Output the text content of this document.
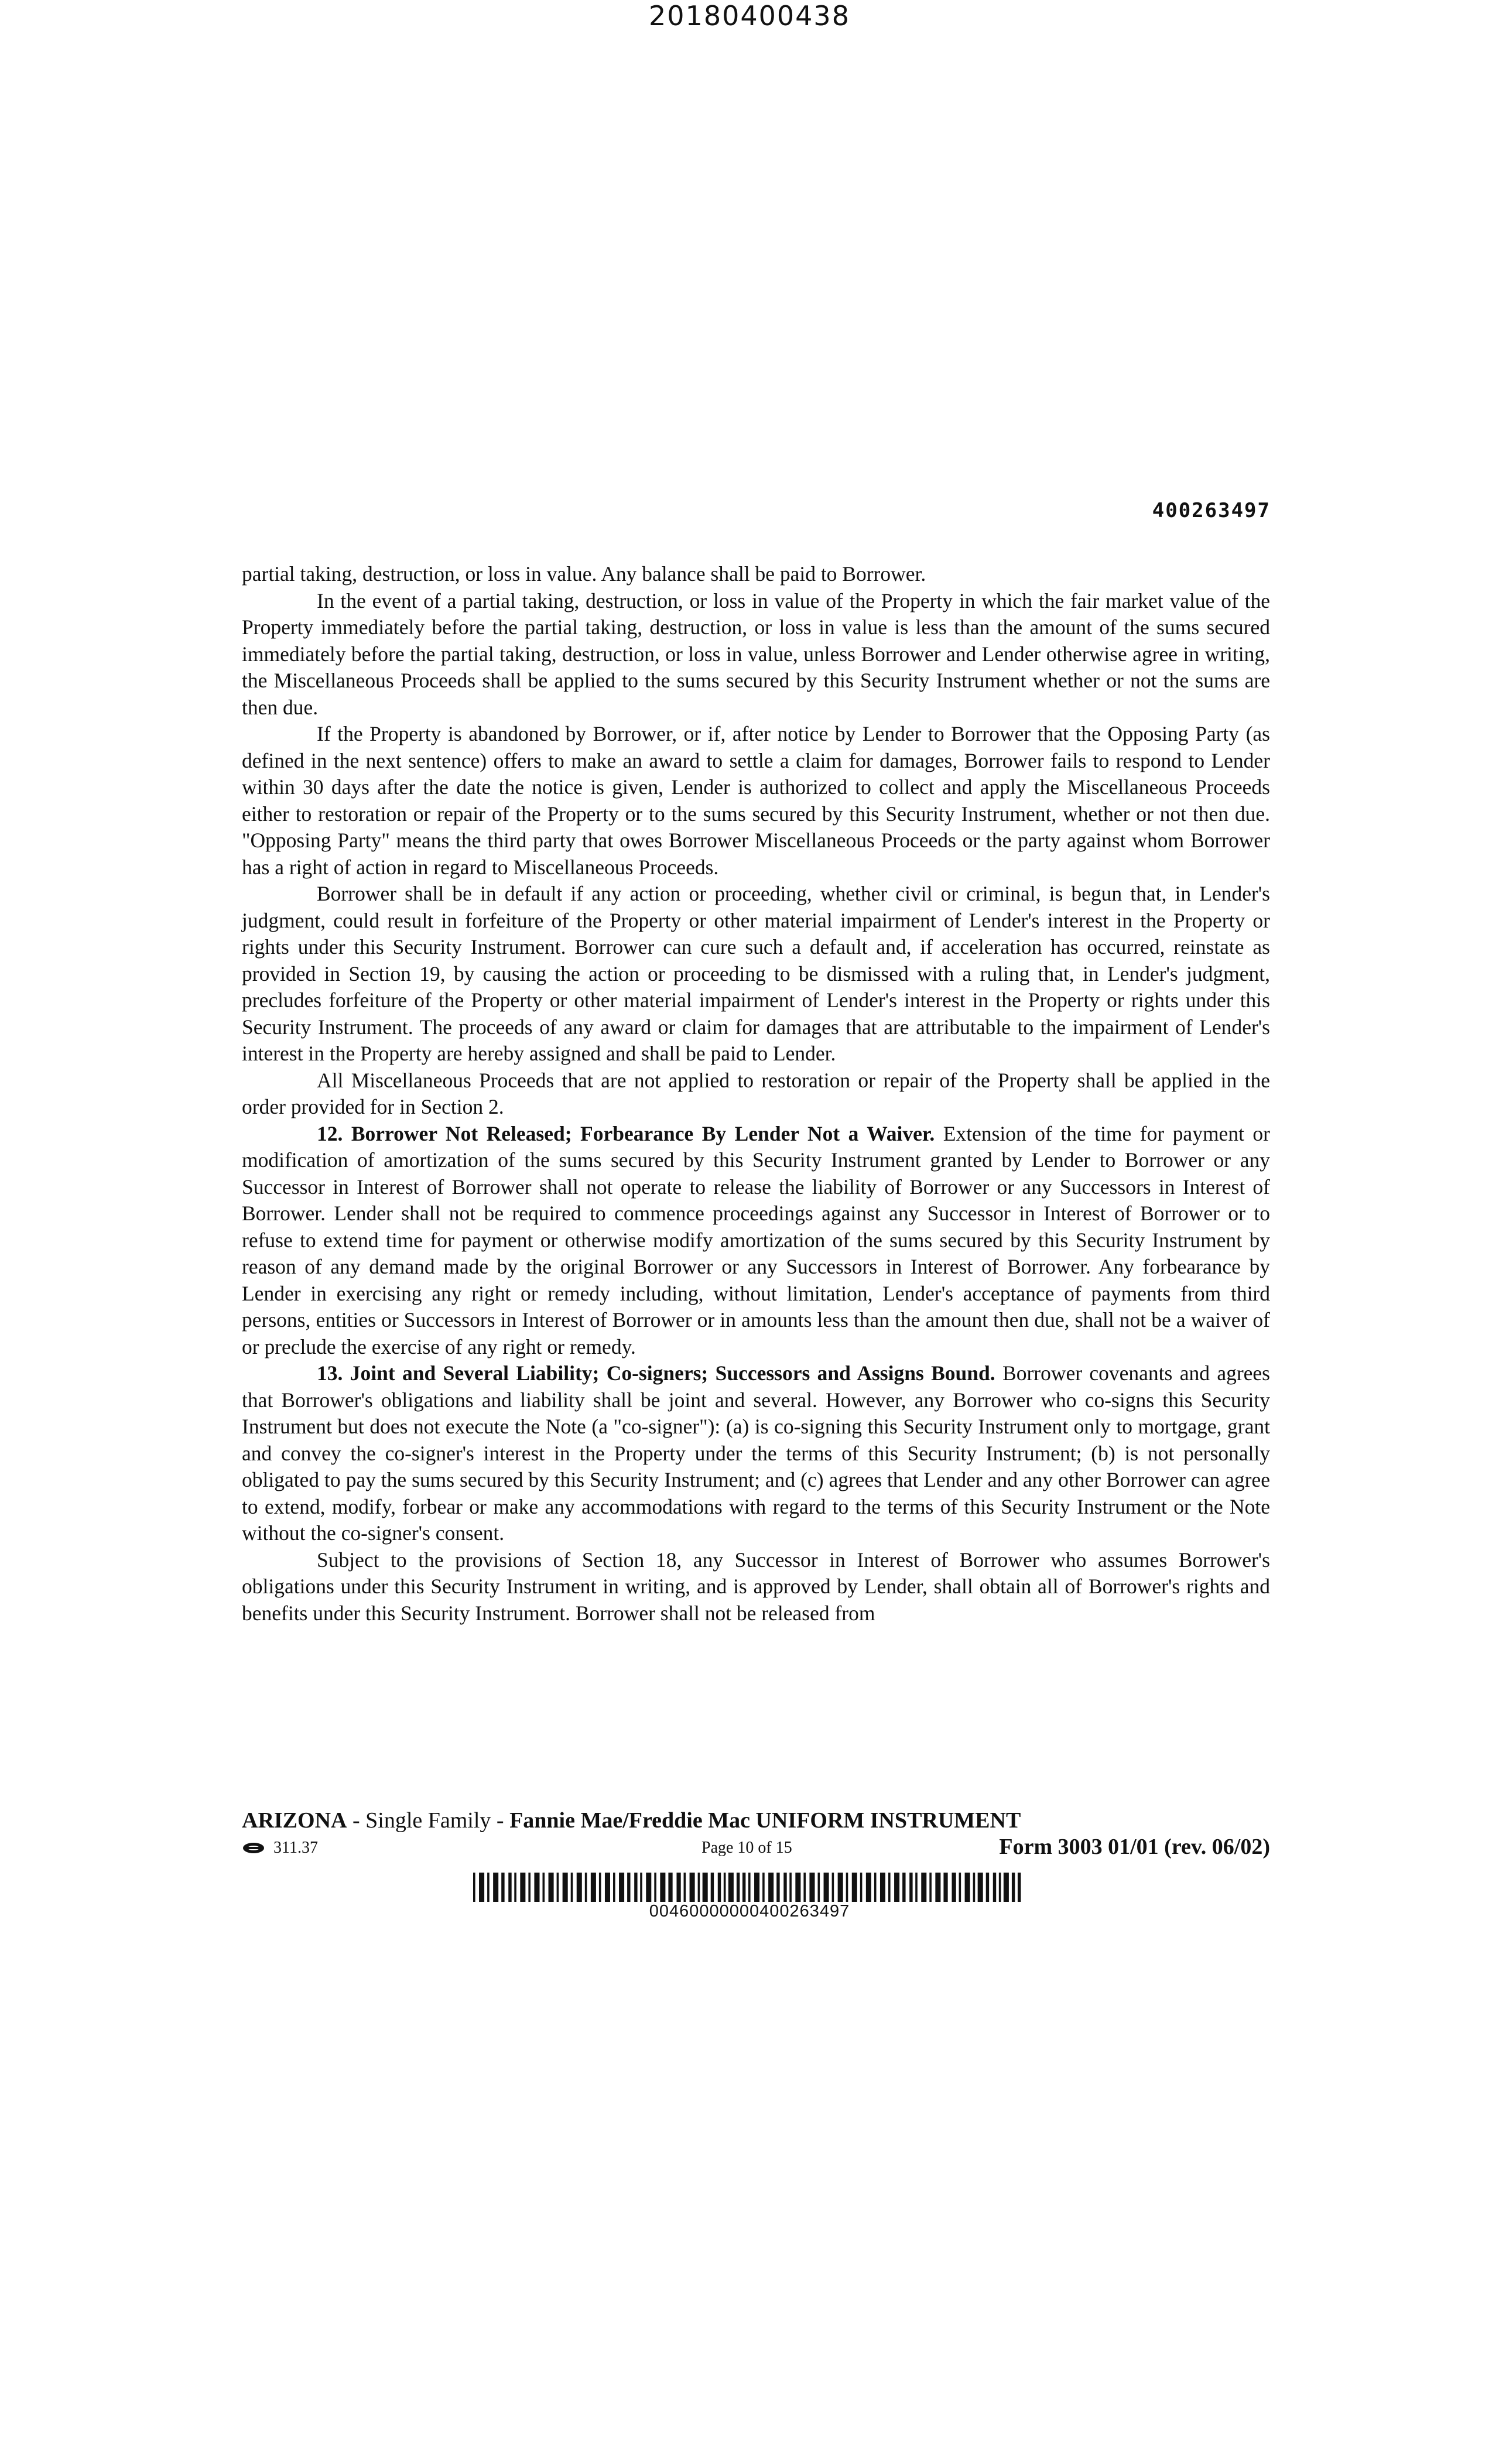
20180400438
400263497

partial taking, destruction, or loss in value. Any balance shall be paid to Borrower.

In the event of a partial taking, destruction, or loss in value of the Property in which the fair market value of the Property immediately before the partial taking, destruction, or loss in value is less than the amount of the sums secured immediately before the partial taking, destruction, or loss in value, unless Borrower and Lender otherwise agree in writing, the Miscellaneous Proceeds shall be applied to the sums secured by this Security Instrument whether or not the sums are then due.

If the Property is abandoned by Borrower, or if, after notice by Lender to Borrower that the Opposing Party (as defined in the next sentence) offers to make an award to settle a claim for damages, Borrower fails to respond to Lender within 30 days after the date the notice is given, Lender is authorized to collect and apply the Miscellaneous Proceeds either to restoration or repair of the Property or to the sums secured by this Security Instrument, whether or not then due. "Opposing Party" means the third party that owes Borrower Miscellaneous Proceeds or the party against whom Borrower has a right of action in regard to Miscellaneous Proceeds.

Borrower shall be in default if any action or proceeding, whether civil or criminal, is begun that, in Lender's judgment, could result in forfeiture of the Property or other material impairment of Lender's interest in the Property or rights under this Security Instrument. Borrower can cure such a default and, if acceleration has occurred, reinstate as provided in Section 19, by causing the action or proceeding to be dismissed with a ruling that, in Lender's judgment, precludes forfeiture of the Property or other material impairment of Lender's interest in the Property or rights under this Security Instrument. The proceeds of any award or claim for damages that are attributable to the impairment of Lender's interest in the Property are hereby assigned and shall be paid to Lender.

All Miscellaneous Proceeds that are not applied to restoration or repair of the Property shall be applied in the order provided for in Section 2.

12. Borrower Not Released; Forbearance By Lender Not a Waiver. Extension of the time for payment or modification of amortization of the sums secured by this Security Instrument granted by Lender to Borrower or any Successor in Interest of Borrower shall not operate to release the liability of Borrower or any Successors in Interest of Borrower. Lender shall not be required to commence proceedings against any Successor in Interest of Borrower or to refuse to extend time for payment or otherwise modify amortization of the sums secured by this Security Instrument by reason of any demand made by the original Borrower or any Successors in Interest of Borrower. Any forbearance by Lender in exercising any right or remedy including, without limitation, Lender's acceptance of payments from third persons, entities or Successors in Interest of Borrower or in amounts less than the amount then due, shall not be a waiver of or preclude the exercise of any right or remedy.

13. Joint and Several Liability; Co-signers; Successors and Assigns Bound. Borrower covenants and agrees that Borrower's obligations and liability shall be joint and several. However, any Borrower who co-signs this Security Instrument but does not execute the Note (a "co-signer"): (a) is co-signing this Security Instrument only to mortgage, grant and convey the co-signer's interest in the Property under the terms of this Security Instrument; (b) is not personally obligated to pay the sums secured by this Security Instrument; and (c) agrees that Lender and any other Borrower can agree to extend, modify, forbear or make any accommodations with regard to the terms of this Security Instrument or the Note without the co-signer's consent.

Subject to the provisions of Section 18, any Successor in Interest of Borrower who assumes Borrower's obligations under this Security Instrument in writing, and is approved by Lender, shall obtain all of Borrower's rights and benefits under this Security Instrument. Borrower shall not be released from

ARIZONA - Single Family - Fannie Mae/Freddie Mac UNIFORM INSTRUMENT
311.37	Page 10 of 15	Form 3003 01/01 (rev. 06/02)
00460000000400263497
